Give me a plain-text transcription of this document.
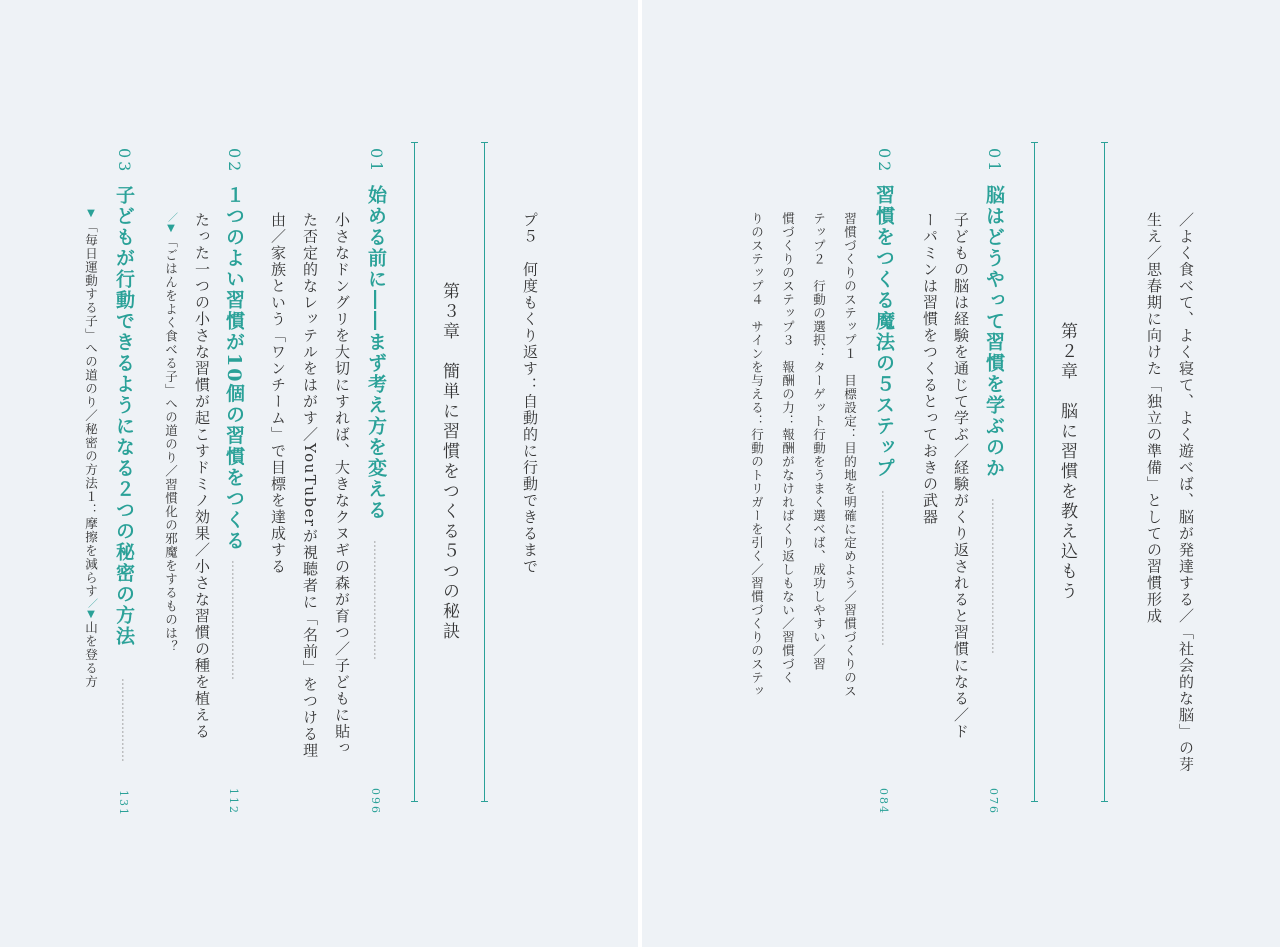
／よく食べて、よく寝て、よく遊べば、脳が発達する／「社会的な脳」の芽
生え／思春期に向けた「独立の準備」としての習慣形成
第２章　脳に習慣を教え込もう
01
脳はどうやって習慣を学ぶのか
…………………………………
076
子どもの脳は経験を通じて学ぶ／経験がくり返されると習慣になる／ド
ーパミンは習慣をつくるとっておきの武器
02
習慣をつくる魔法の５ステップ
…………………………………
084
習慣づくりのステップ１　目標設定：目的地を明確に定めよう／習慣づくりのス
テップ２　行動の選択：ターゲット行動をうまく選べば、成功しやすい／習
慣づくりのステップ３　報酬の力：報酬がなければくり返しもない／習慣づく
りのステップ４　サインを与える：行動のトリガーを引く／習慣づくりのステッ
プ５　何度もくり返す：自動的に行動できるまで
第３章　簡単に習慣をつくる５つの秘訣
01
始める前に――まず考え方を変える
…………………………
096
小さなドングリを大切にすれば、大きなクヌギの森が育つ／子どもに貼っ
た否定的なレッテルをはがす／YouTuberが視聴者に「名前」をつける理
由／家族という「ワンチーム」で目標を達成する
02
１つのよい習慣が10個の習慣をつくる
…………………………
112
たった一つの小さな習慣が起こすドミノ効果／小さな習慣の種を植える
／▼「ごはんをよく食べる子」への道のり／習慣化の邪魔をするものは？
03
子どもが行動できるようになる２つの秘密の方法
…………………
131
▼「毎日運動する子」への道のり／秘密の方法１：摩擦を減らす／▼山を登る方
